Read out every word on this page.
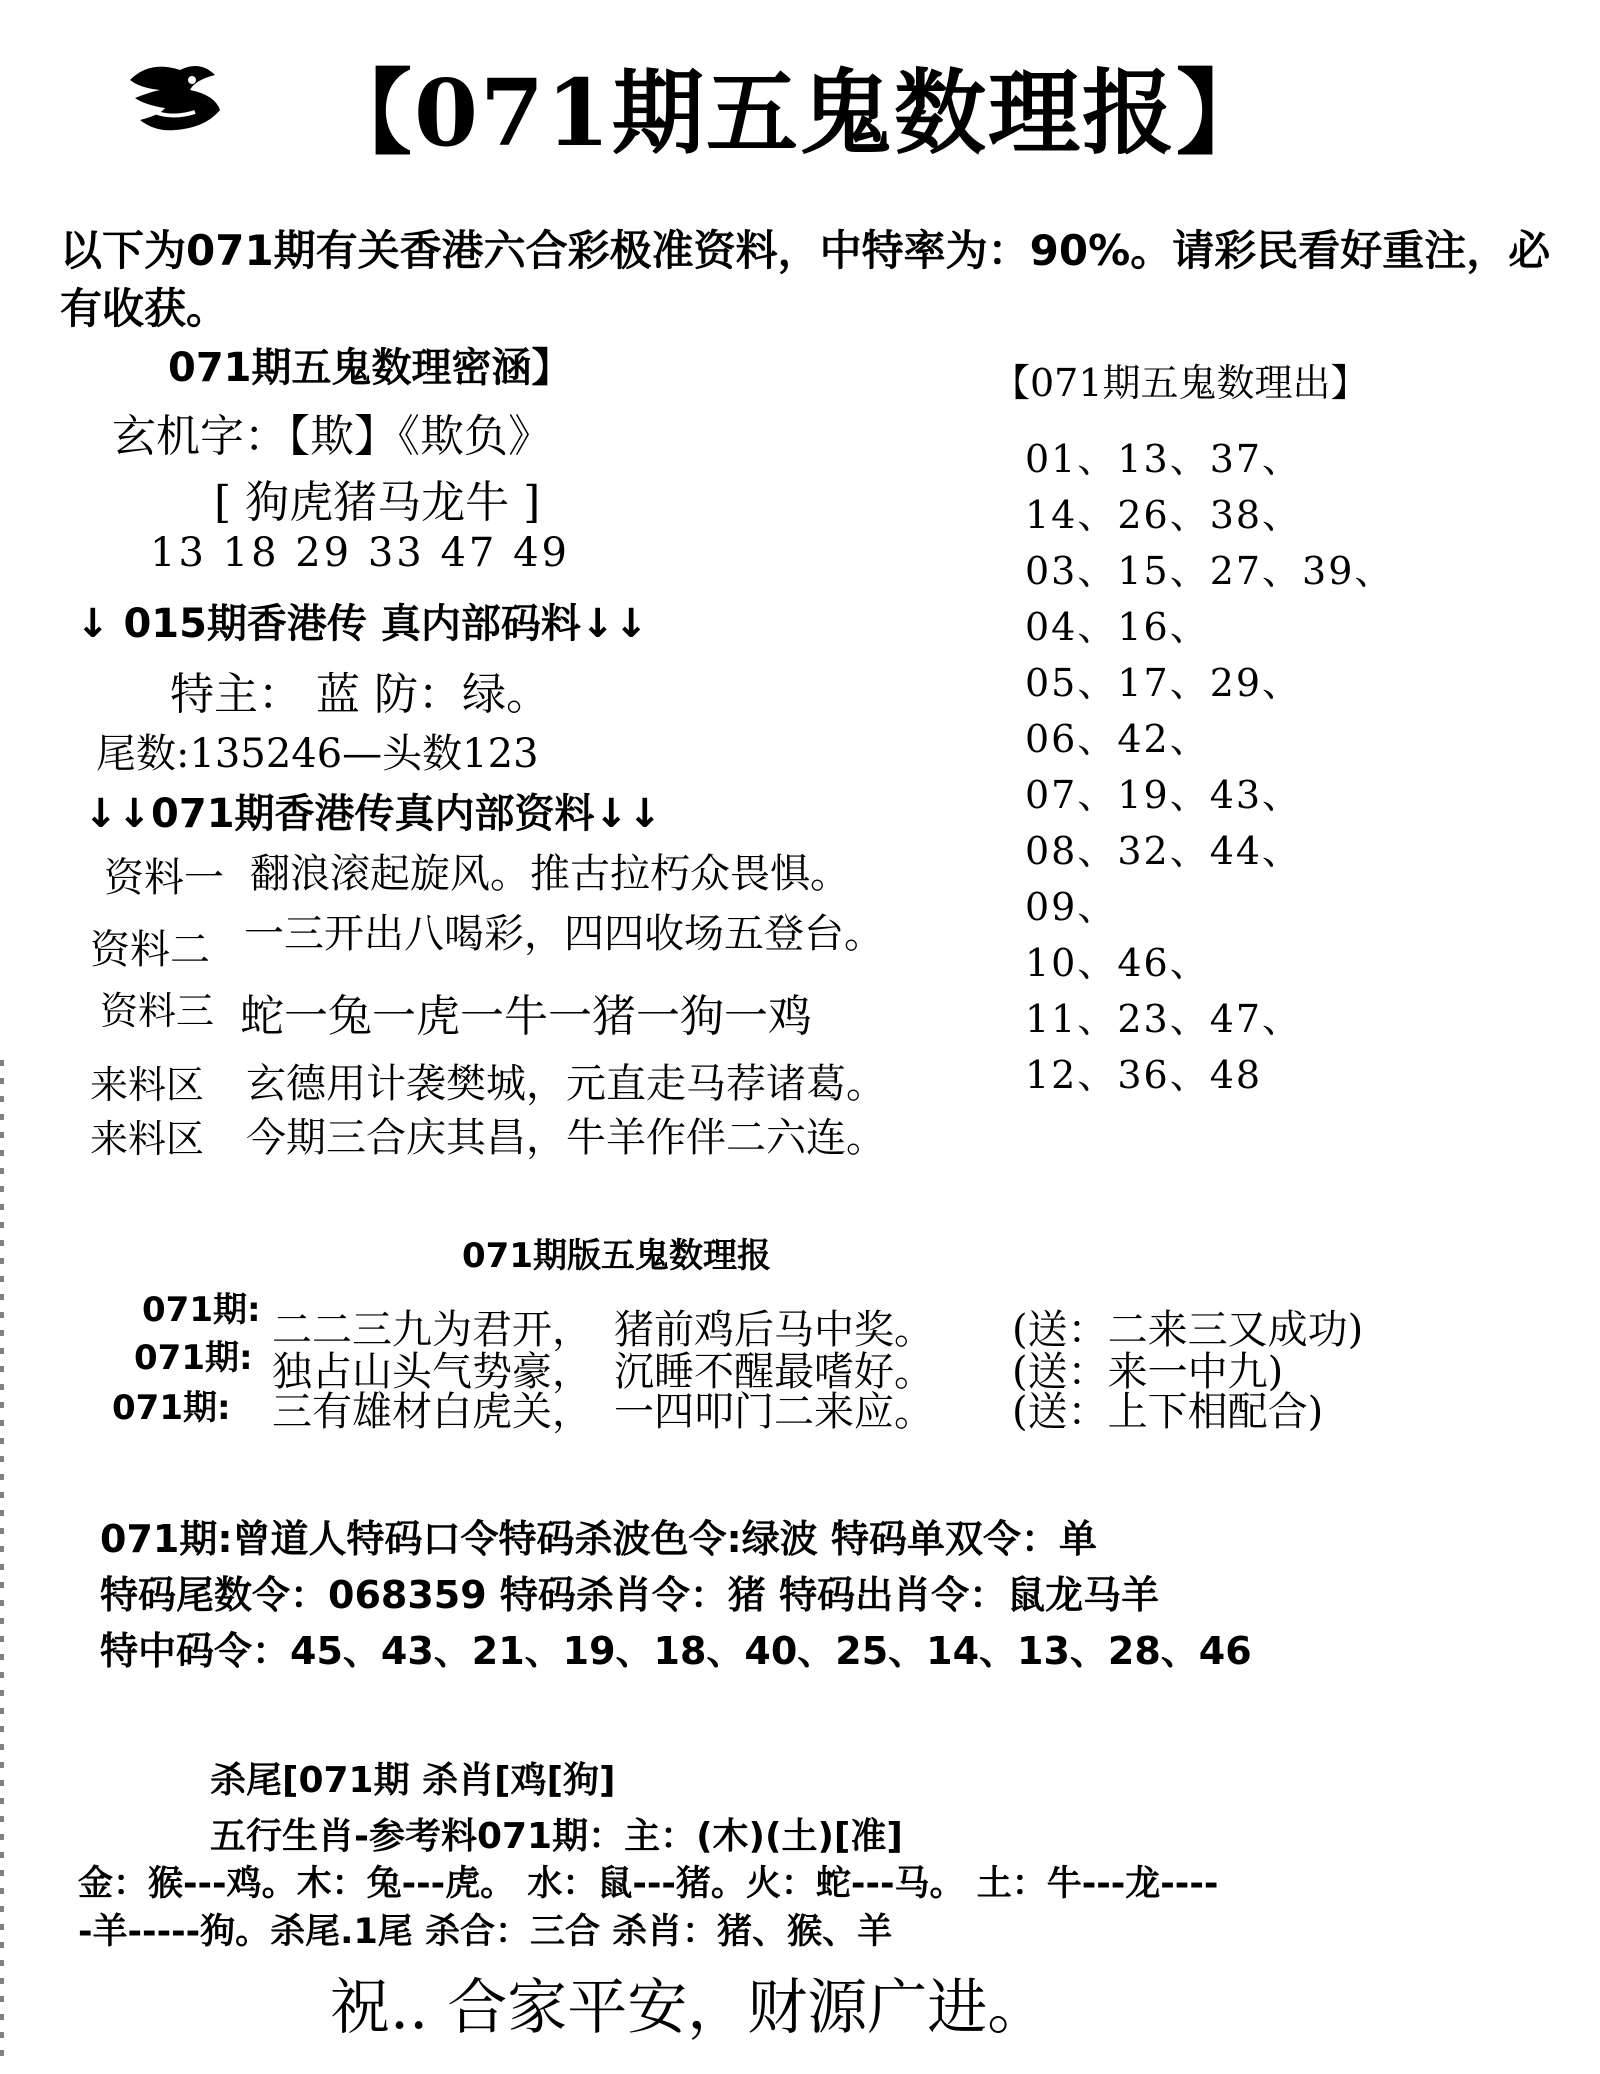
【071期五鬼数理报】
以下为071期有关香港六合彩极准资料，中特率为：90%。请彩民看好重注，必有收获。
071期五鬼数理密涵】
玄机字：【欺】《欺负》
[ 狗虎猪马龙牛 ]
13 18 29 33 47 49
↓ 015期香港传 真内部码料↓↓
特主： 蓝 防：绿。
尾数:135246—头数123
↓↓071期香港传真内部资料↓↓
资料一 翻浪滚起旋风。推古拉朽众畏惧。
资料二 一三开出八喝彩，四四收场五登台。
资料三 蛇一兔一虎一牛一猪一狗一鸡
来料区 玄德用计袭樊城，元直走马荐诸葛。
来料区 今期三合庆其昌，牛羊作伴二六连。
【071期五鬼数理出】
01、13、37、
14、26、38、
03、15、27、39、
04、16、
05、17、29、
06、42、
07、19、43、
08、32、44、
09、
10、46、
11、23、47、
12、36、48
071期版五鬼数理报
071期: 二二三九为君开， 猪前鸡后马中奖。 (送：二来三又成功)
071期: 独占山头气势豪， 沉睡不醒最嗜好。 (送：来一中九)
071期: 三有雄材白虎关， 一四叩门二来应。 (送：上下相配合)
071期:曾道人特码口令特码杀波色令:绿波 特码单双令：单
特码尾数令：068359 特码杀肖令：猪 特码出肖令：鼠龙马羊
特中码令：45、43、21、19、18、40、25、14、13、28、46
杀尾[071期 杀肖[鸡[狗]
五行生肖-参考料071期：主：(木)(土)[准]
金：猴---鸡。木：兔---虎。 水：鼠---猪。火：蛇---马。 土：牛---龙----
-羊-----狗。杀尾.1尾 杀合：三合 杀肖：猪、猴、羊
祝.. 合家平安，财源广进。
